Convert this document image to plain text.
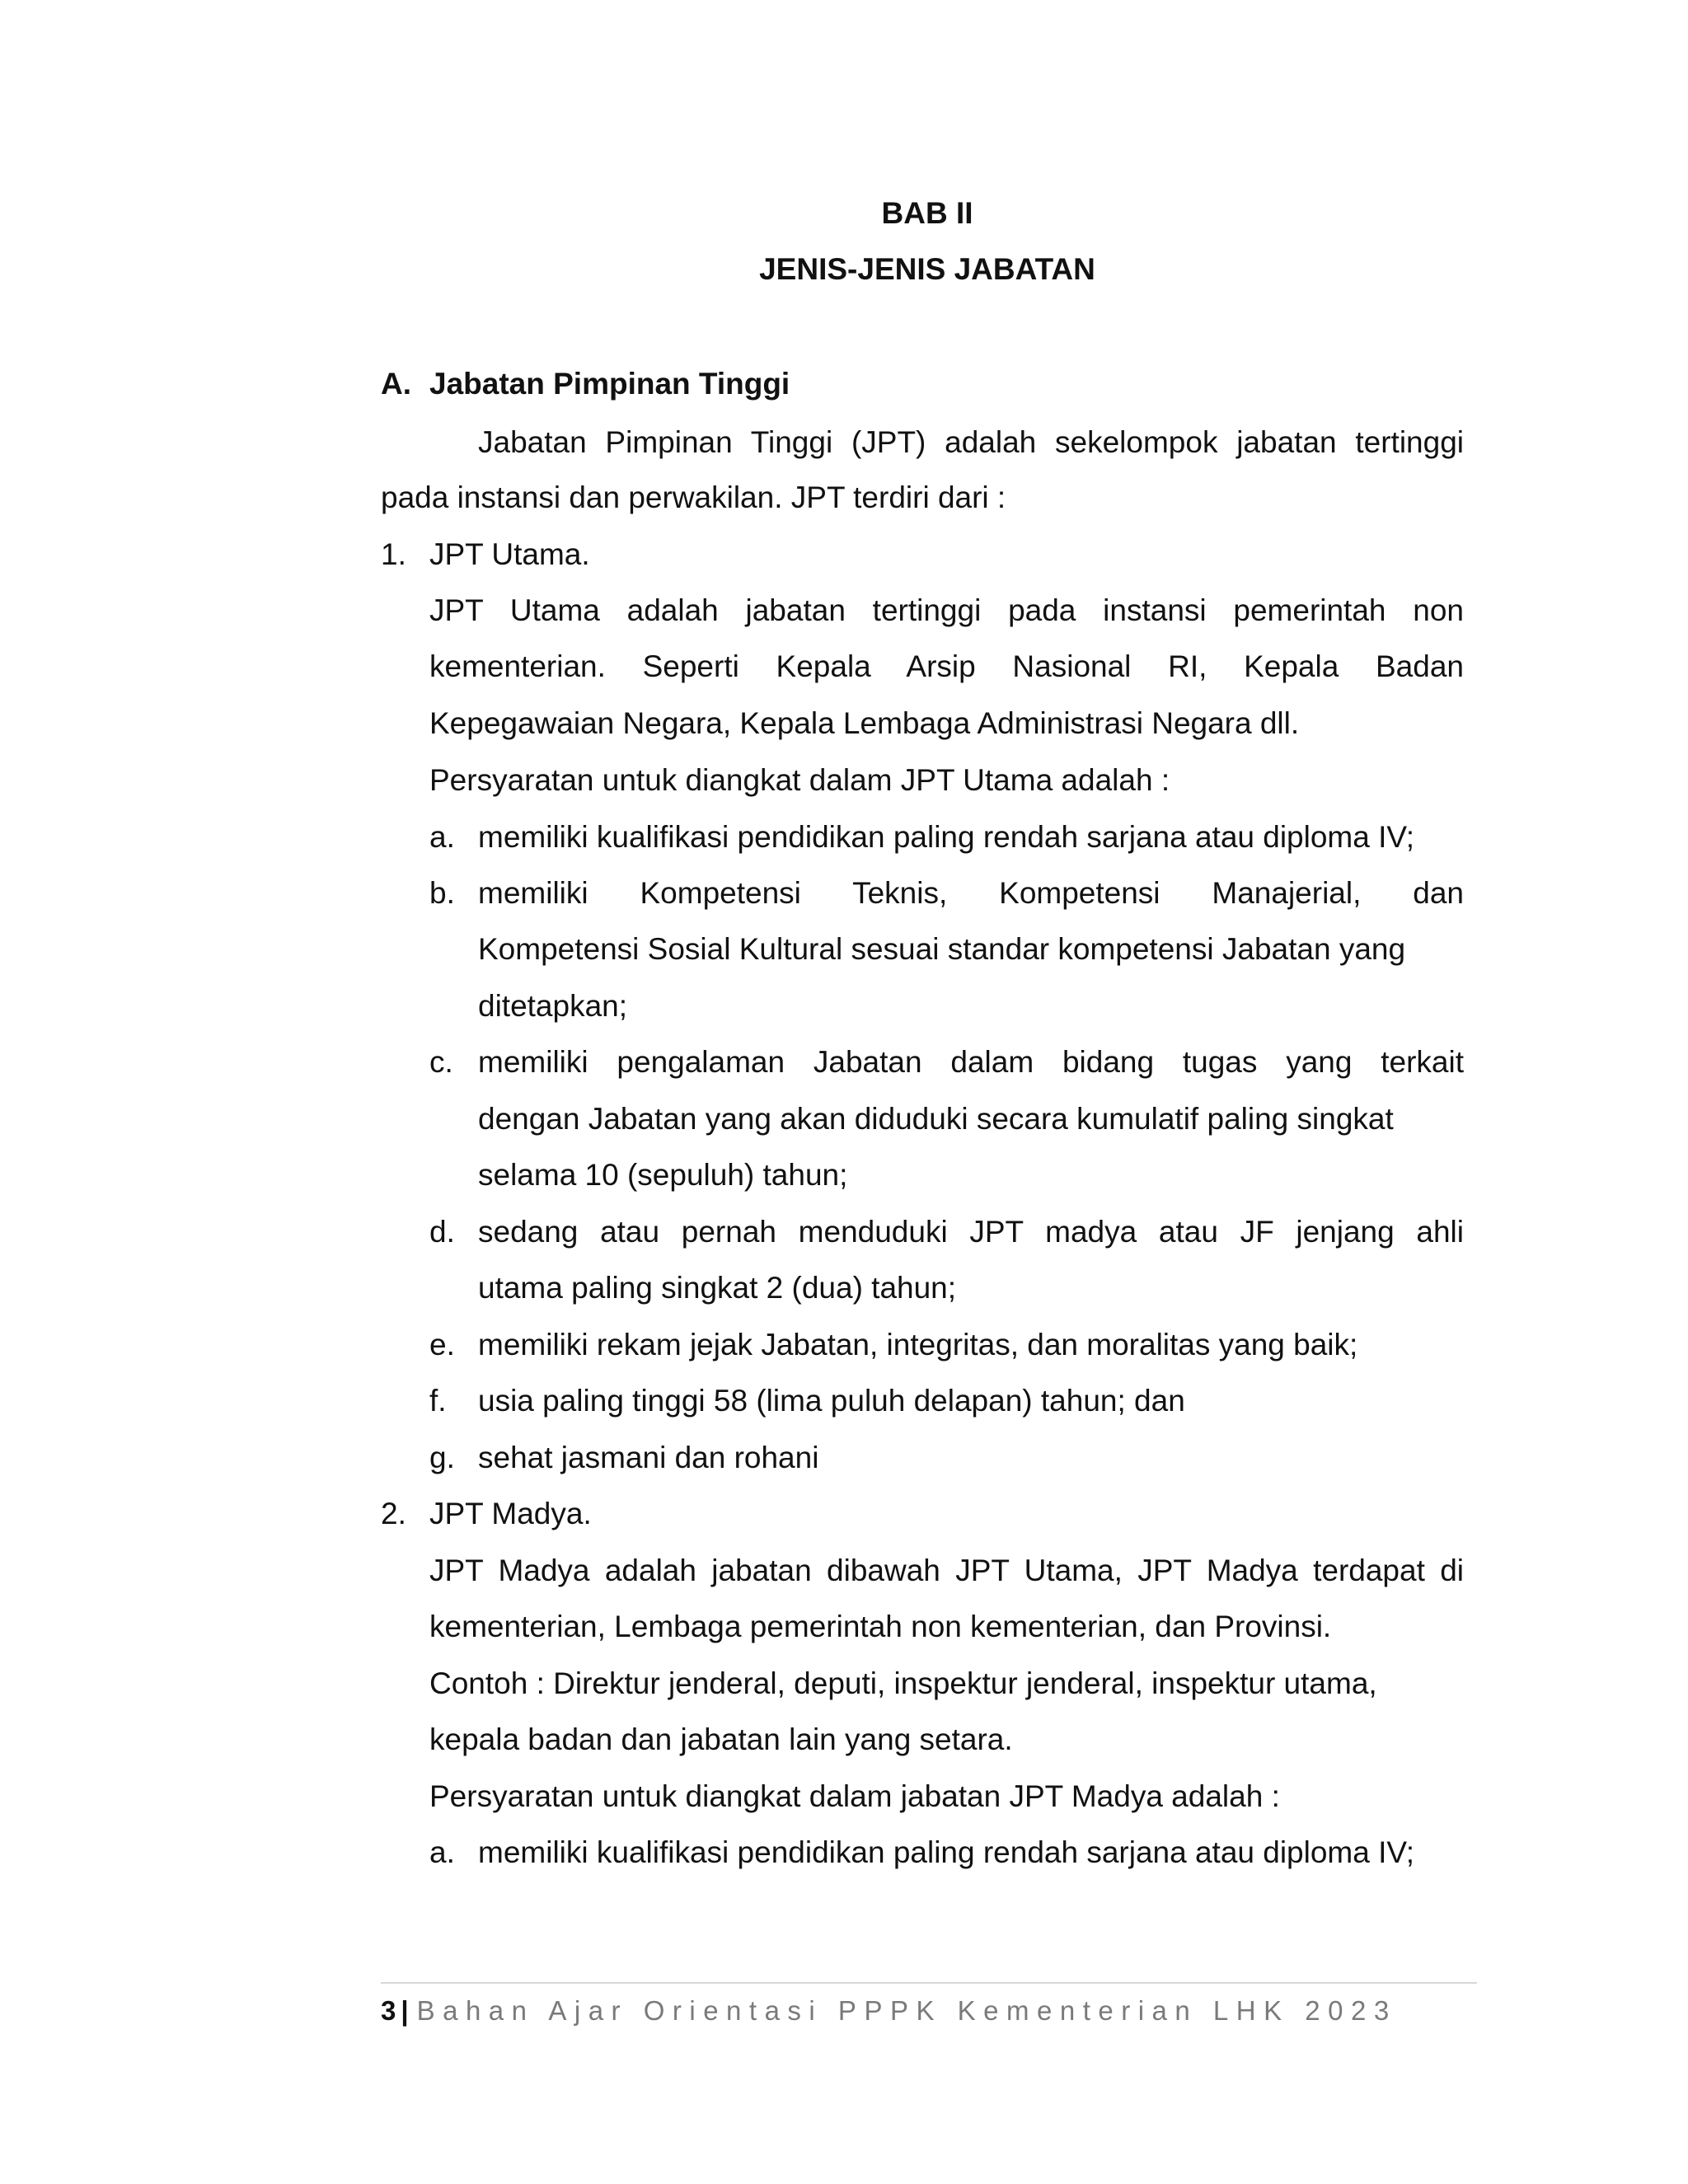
BAB II
JENIS-JENIS JABATAN
A. Jabatan Pimpinan Tinggi
Jabatan Pimpinan Tinggi (JPT) adalah sekelompok jabatan tertinggi
pada instansi dan perwakilan. JPT terdiri dari :
1. JPT Utama.
JPT Utama adalah jabatan tertinggi pada instansi pemerintah non
kementerian. Seperti Kepala Arsip Nasional RI, Kepala Badan
Kepegawaian Negara, Kepala Lembaga Administrasi Negara dll.
Persyaratan untuk diangkat dalam JPT Utama adalah :
a. memiliki kualifikasi pendidikan paling rendah sarjana atau diploma IV;
b. memiliki Kompetensi Teknis, Kompetensi Manajerial, dan
Kompetensi Sosial Kultural sesuai standar kompetensi Jabatan yang
ditetapkan;
c. memiliki pengalaman Jabatan dalam bidang tugas yang terkait
dengan Jabatan yang akan diduduki secara kumulatif paling singkat
selama 10 (sepuluh) tahun;
d. sedang atau pernah menduduki JPT madya atau JF jenjang ahli
utama paling singkat 2 (dua) tahun;
e. memiliki rekam jejak Jabatan, integritas, dan moralitas yang baik;
f. usia paling tinggi 58 (lima puluh delapan) tahun; dan
g. sehat jasmani dan rohani
2. JPT Madya.
JPT Madya adalah jabatan dibawah JPT Utama, JPT Madya terdapat di
kementerian, Lembaga pemerintah non kementerian, dan Provinsi.
Contoh : Direktur jenderal, deputi, inspektur jenderal, inspektur utama,
kepala badan dan jabatan lain yang setara.
Persyaratan untuk diangkat dalam jabatan JPT Madya adalah :
a. memiliki kualifikasi pendidikan paling rendah sarjana atau diploma IV;
3 | Bahan Ajar Orientasi PPPK Kementerian LHK 2023
